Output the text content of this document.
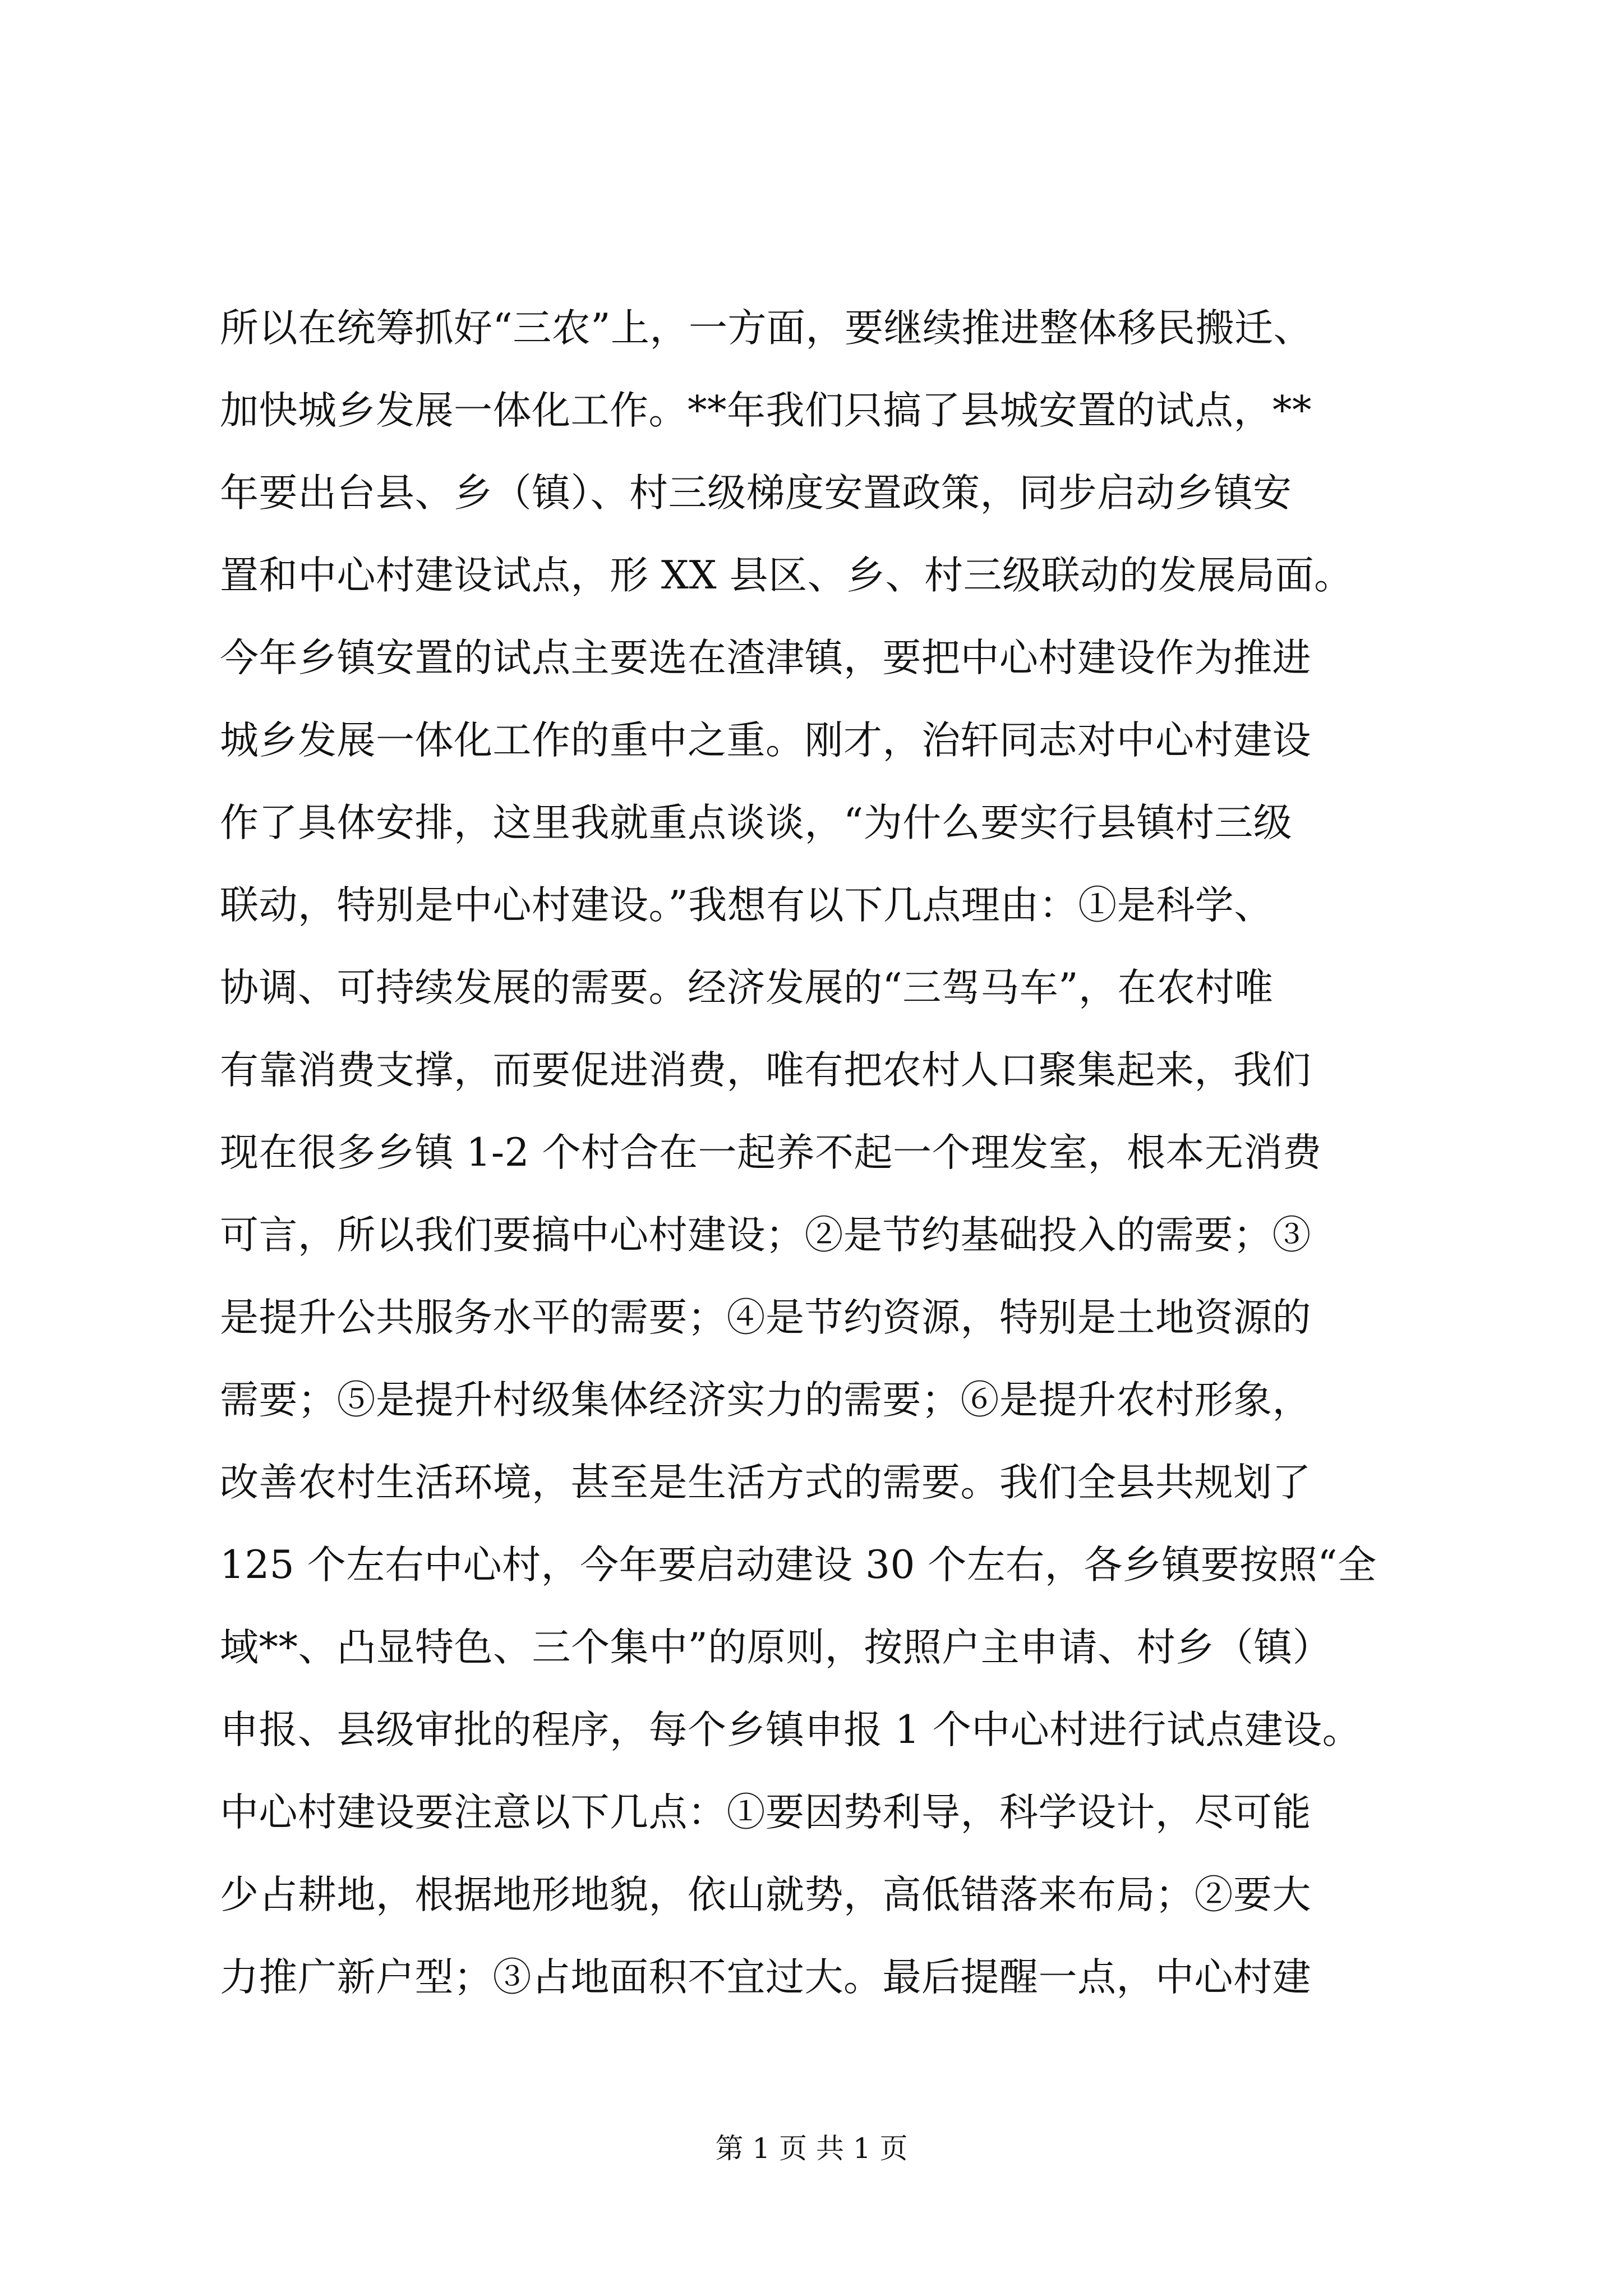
所以在统筹抓好“三农”上，一方面，要继续推进整体移民搬迁、
加快城乡发展一体化工作。**年我们只搞了县城安置的试点，**
年要出台县、乡（镇）、村三级梯度安置政策，同步启动乡镇安
置和中心村建设试点，形 XX 县区、乡、村三级联动的发展局面。
今年乡镇安置的试点主要选在渣津镇，要把中心村建设作为推进
城乡发展一体化工作的重中之重。刚才，治轩同志对中心村建设
作了具体安排，这里我就重点谈谈，“为什么要实行县镇村三级
联动，特别是中心村建设。”我想有以下几点理由：①是科学、
协调、可持续发展的需要。经济发展的“三驾马车”，在农村唯
有靠消费支撑，而要促进消费，唯有把农村人口聚集起来，我们
现在很多乡镇 1-2 个村合在一起养不起一个理发室，根本无消费
可言，所以我们要搞中心村建设；②是节约基础投入的需要；③
是提升公共服务水平的需要；④是节约资源，特别是土地资源的
需要；⑤是提升村级集体经济实力的需要；⑥是提升农村形象，
改善农村生活环境，甚至是生活方式的需要。我们全县共规划了
125 个左右中心村，今年要启动建设 30 个左右，各乡镇要按照“全
域**、凸显特色、三个集中”的原则，按照户主申请、村乡（镇）
申报、县级审批的程序，每个乡镇申报 1 个中心村进行试点建设。
中心村建设要注意以下几点：①要因势利导，科学设计，尽可能
少占耕地，根据地形地貌，依山就势，高低错落来布局；②要大
力推广新户型；③占地面积不宜过大。最后提醒一点，中心村建
第 1 页 共 1 页
